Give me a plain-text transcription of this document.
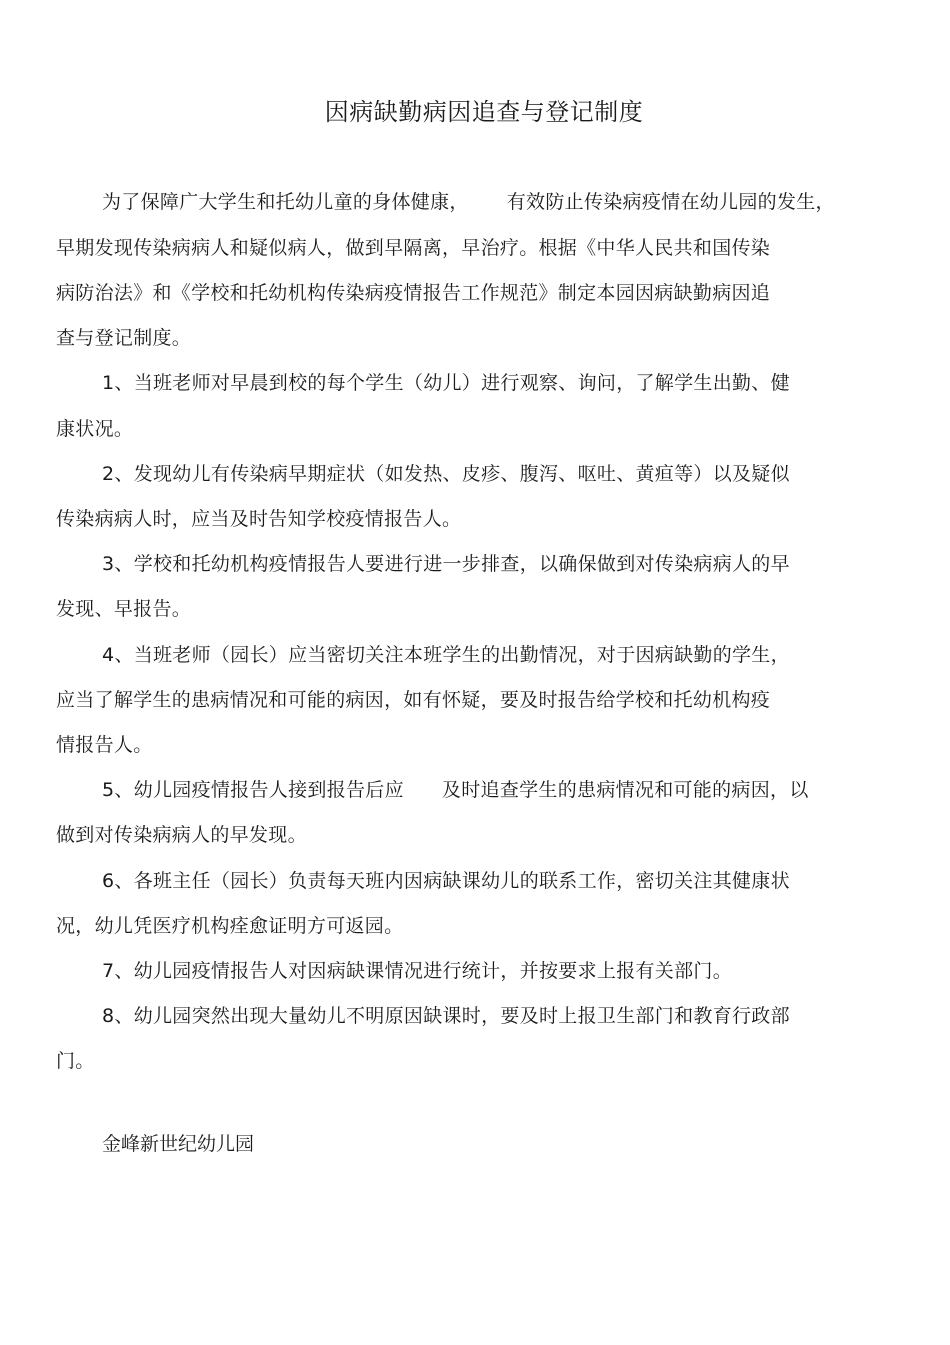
因病缺勤病因追查与登记制度
为了保障广大学生和托幼儿童的身体健康，      有效防止传染病疫情在幼儿园的发生，
早期发现传染病病人和疑似病人，做到早隔离，早治疗。根据《中华人民共和国传染
病防治法》和《学校和托幼机构传染病疫情报告工作规范》制定本园因病缺勤病因追
查与登记制度。
1、当班老师对早晨到校的每个学生（幼儿）进行观察、询问，了解学生出勤、健
康状况。
2、发现幼儿有传染病早期症状（如发热、皮疹、腹泻、呕吐、黄疸等）以及疑似
传染病病人时，应当及时告知学校疫情报告人。
3、学校和托幼机构疫情报告人要进行进一步排查，以确保做到对传染病病人的早
发现、早报告。
4、当班老师（园长）应当密切关注本班学生的出勤情况，对于因病缺勤的学生，
应当了解学生的患病情况和可能的病因，如有怀疑，要及时报告给学校和托幼机构疫
情报告人。
5、幼儿园疫情报告人接到报告后应      及时追查学生的患病情况和可能的病因，以
做到对传染病病人的早发现。
6、各班主任（园长）负责每天班内因病缺课幼儿的联系工作，密切关注其健康状
况，幼儿凭医疗机构痊愈证明方可返园。
7、幼儿园疫情报告人对因病缺课情况进行统计，并按要求上报有关部门。
8、幼儿园突然出现大量幼儿不明原因缺课时，要及时上报卫生部门和教育行政部
门。
金峰新世纪幼儿园
